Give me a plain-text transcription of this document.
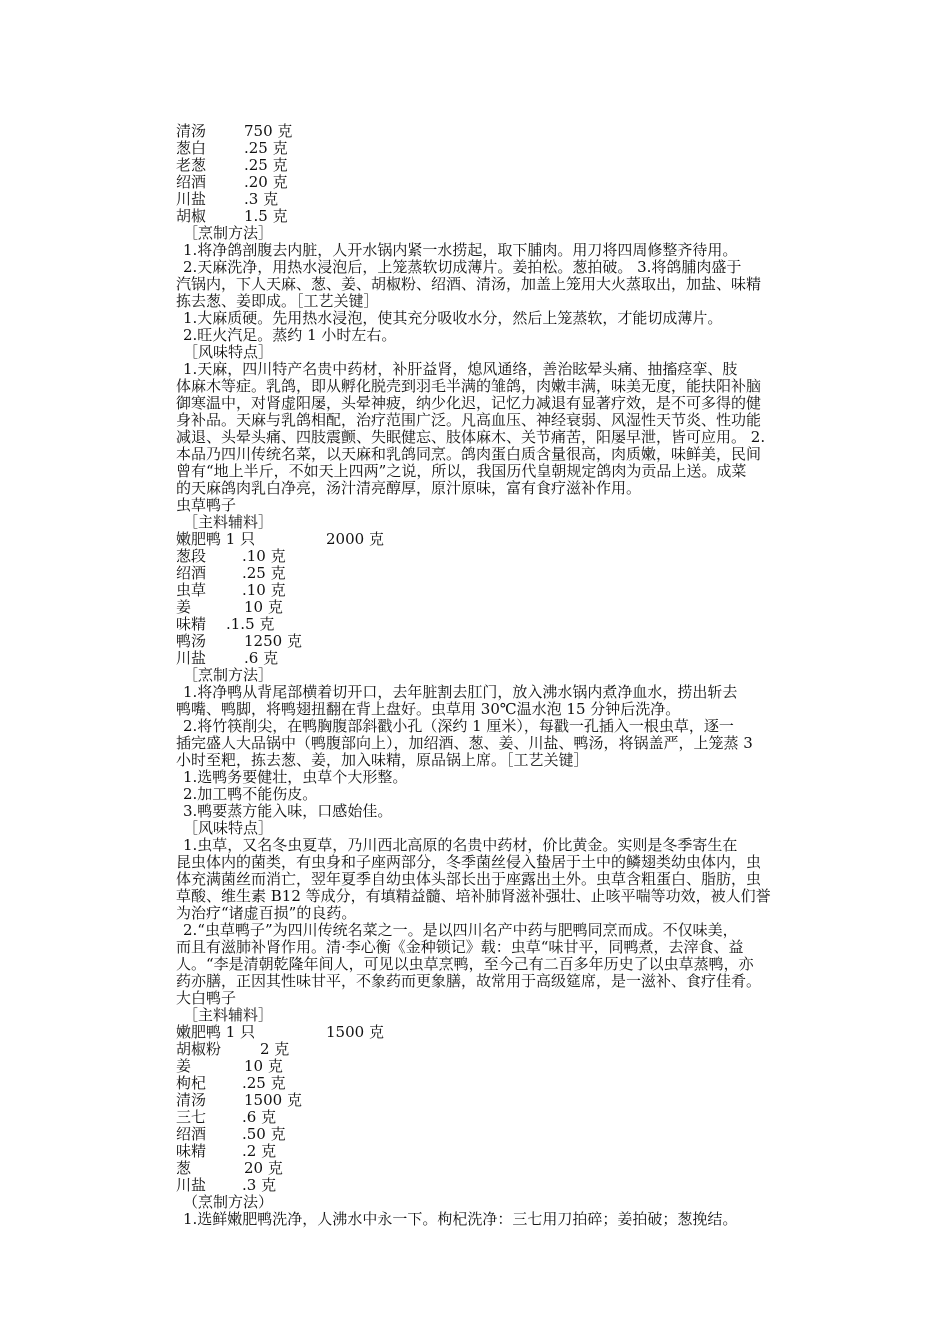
清汤	750 克
葱白	.25 克
老葱	.25 克
绍酒	.20 克
川盐	.3 克
胡椒	1.5 克
［烹制方法］
1.将净鸽剖腹去内脏，人开水锅内紧一水捞起，取下脯肉。用刀将四周修整齐待用。
2.天麻洗净，用热水浸泡后，上笼蒸软切成薄片。姜拍松。葱拍破。 3.将鸽脯肉盛于
汽锅内，下人天麻、葱、姜、胡椒粉、绍酒、清汤，加盖上笼用大火蒸取出，加盐、味精
拣去葱、姜即成。［工艺关键］
1.大麻质硬。先用热水浸泡，使其充分吸收水分，然后上笼蒸软，才能切成薄片。
2.旺火汽足。蒸约 1 小时左右。
［风味特点］
1.天麻，四川特产名贵中药材，补肝益肾，熄风通络，善治眩晕头痛、抽搐痉挛、肢
体麻木等症。乳鸽，即从孵化脱壳到羽毛半满的雏鸽，肉嫩丰满，味美无度，能扶阳补脑
御寒温中，对肾虚阳屡，头晕神疲，纳少化迟，记忆力减退有显著疗效，是不可多得的健
身补品。天麻与乳鸽相配，治疗范围广泛。凡高血压、神经衰弱、风湿性天节炎、性功能
减退、头晕头痛、四肢震颤、失眠健忘、肢体麻木、关节痛苦，阳屡早泄，皆可应用。 2.
本品乃四川传统名菜，以天麻和乳鸽同烹。鸽肉蛋白质含量很高，肉质嫩，味鲜美，民间
曾有“地上半斤，不如天上四两”之说，所以，我国历代皇朝规定鸽肉为贡品上送。成菜
的天麻鸽肉乳白净亮，汤汁清亮醇厚，原汁原味，富有食疗滋补作用。
虫草鸭子
［主料辅料］
嫩肥鸭 1 只	2000 克
葱段 .10 克
绍酒 .25 克
虫草 .10 克
姜	10 克
味精 .1.5 克
鸭汤	1250 克
川盐	.6 克
［烹制方法］
1.将净鸭从背尾部横着切开口，去年脏割去肛门，放入沸水锅内煮净血水，捞出斩去
鸭嘴、鸭脚，将鸭翅扭翻在背上盘好。虫草用 30℃温水泡 15 分钟后洗净。
2.将竹筷削尖，在鸭胸腹部斜戳小孔（深约 1 厘米），每戳一孔插入一根虫草，逐一
插完盛人大品锅中（鸭腹部向上），加绍酒、葱、姜、川盐、鸭汤，将锅盖严，上笼蒸 3
小时至粑，拣去葱、姜，加入味精，原品锅上席。［工艺关键］
1.选鸭务要健壮，虫草个大形整。
2.加工鸭不能伤皮。
3.鸭要蒸方能入味，口感始佳。
［风味特点］
1.虫草，又名冬虫夏草，乃川西北高原的名贵中药材，价比黄金。实则是冬季寄生在
昆虫体内的菌类，有虫身和子座两部分，冬季菌丝侵入蛰居于土中的鳞翅类幼虫体内，虫
体充满菌丝而消亡，翌年夏季自幼虫体头部长出于座露出土外。虫草含粗蛋白、脂肪，虫
草酸、维生素 B12 等成分，有填精益髓、培补肺肾滋补强壮、止咳平喘等功效，被人们誉
为治疗“诸虚百损”的良药。
2.“虫草鸭子”为四川传统名菜之一。是以四川名产中药与肥鸭同烹而成。不仅味美，
而且有滋肺补肾作用。清·李心衡《金种锁记》载：虫草“味甘平，同鸭煮，去滓食、益
人。“李是清朝乾隆年间人，可见以虫草烹鸭，至今己有二百多年历史了以虫草蒸鸭，亦
药亦膳，正因其性味甘平，不象药而更象膳，故常用于高级筵席，是一滋补、食疗佳肴。
大白鸭子
［主料辅料］
嫩肥鸭 1 只	1500 克
胡椒粉	2 克
姜	10 克
枸杞 .25 克
清汤	1500 克
三七 .6 克
绍酒 .50 克
味精 .2 克
葱	20 克
川盐 .3 克
（烹制方法）
1.选鲜嫩肥鸭洗净，人沸水中永一下。枸杞洗净：三七用刀拍碎；姜拍破；葱挽结。
